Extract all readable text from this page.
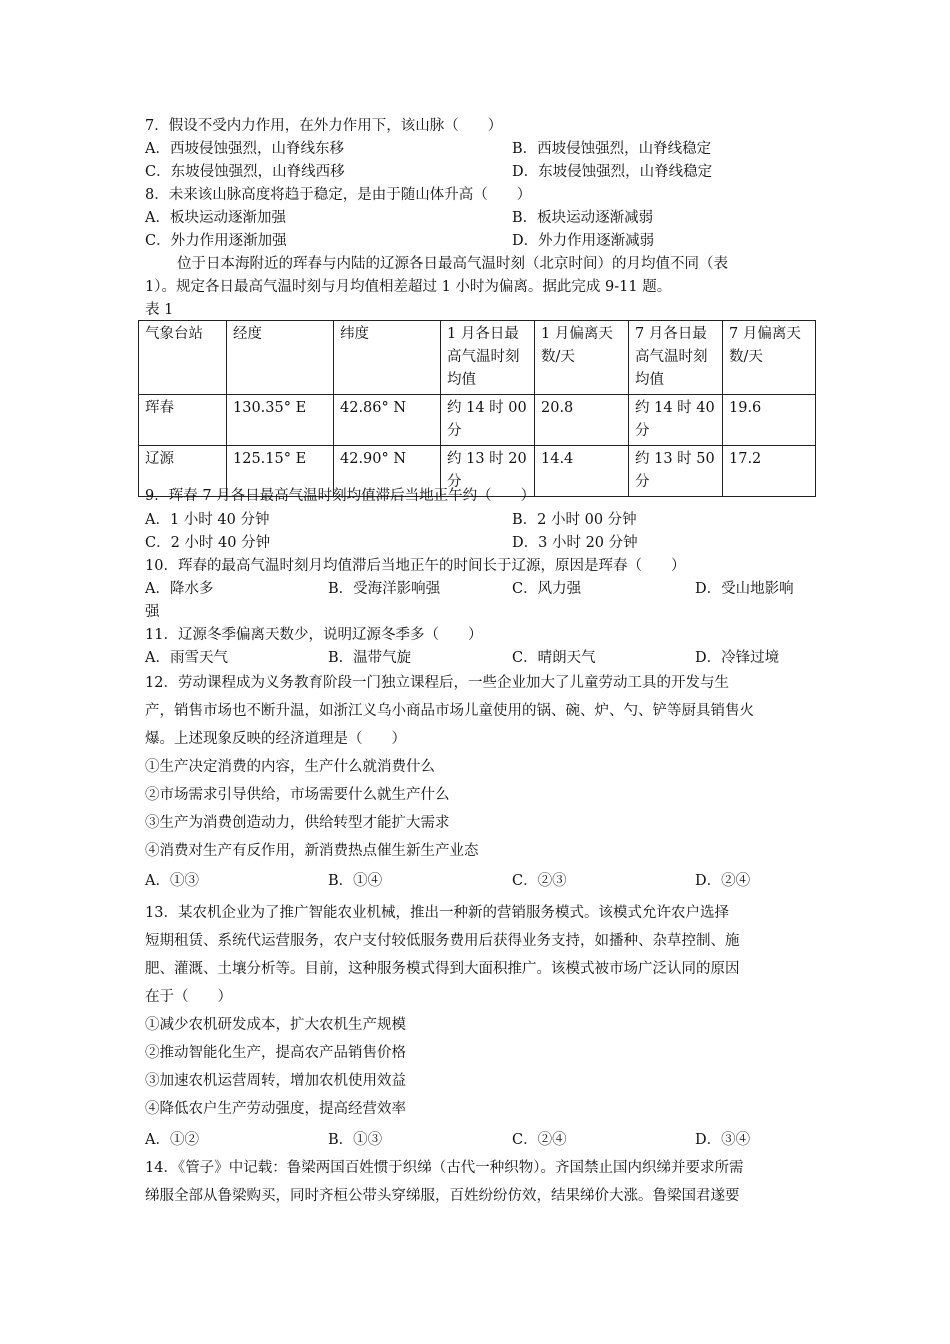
7．假设不受内力作用，在外力作用下，该山脉（　　）
A．西坡侵蚀强烈，山脊线东移	B．西坡侵蚀强烈，山脊线稳定
C．东坡侵蚀强烈，山脊线西移	D．东坡侵蚀强烈，山脊线稳定
8．未来该山脉高度将趋于稳定，是由于随山体升高（　　）
A．板块运动逐渐加强	B．板块运动逐渐减弱
C．外力作用逐渐加强	D．外力作用逐渐减弱
位于日本海附近的珲春与内陆的辽源各日最高气温时刻（北京时间）的月均值不同（表
1）。规定各日最高气温时刻与月均值相差超过 1 小时为偏离。据此完成 9-11 题。
表 1
气象台站	经度	纬度	1 月各日最高气温时刻均值	1 月偏离天数/天	7 月各日最高气温时刻均值	7 月偏离天数/天
珲春	130.35° E	42.86° N	约 14 时 00 分	20.8	约 14 时 40 分	19.6
辽源	125.15° E	42.90° N	约 13 时 20 分	14.4	约 13 时 50 分	17.2
9．珲春 7 月各日最高气温时刻均值滞后当地正午约（　　）
A．1 小时 40 分钟	B．2 小时 00 分钟
C．2 小时 40 分钟	D．3 小时 20 分钟
10．珲春的最高气温时刻月均值滞后当地正午的时间长于辽源，原因是珲春（　　）
A．降水多	B．受海洋影响强	C．风力强	D．受山地影响
强
11．辽源冬季偏离天数少，说明辽源冬季多（　　）
A．雨雪天气	B．温带气旋	C．晴朗天气	D．冷锋过境
12．劳动课程成为义务教育阶段一门独立课程后，一些企业加大了儿童劳动工具的开发与生
产，销售市场也不断升温，如浙江义乌小商品市场儿童使用的锅、碗、炉、勺、铲等厨具销售火
爆。上述现象反映的经济道理是（　　）
①生产决定消费的内容，生产什么就消费什么
②市场需求引导供给，市场需要什么就生产什么
③生产为消费创造动力，供给转型才能扩大需求
④消费对生产有反作用，新消费热点催生新生产业态
A．①③	B．①④	C．②③	D．②④
13．某农机企业为了推广智能农业机械，推出一种新的营销服务模式。该模式允许农户选择
短期租赁、系统代运营服务，农户支付较低服务费用后获得业务支持，如播种、杂草控制、施
肥、灌溉、土壤分析等。目前，这种服务模式得到大面积推广。该模式被市场广泛认同的原因
在于（　　）
①减少农机研发成本，扩大农机生产规模
②推动智能化生产，提高农产品销售价格
③加速农机运营周转，增加农机使用效益
④降低农户生产劳动强度，提高经营效率
A．①②	B．①③	C．②④	D．③④
14．《管子》中记载：鲁梁两国百姓惯于织绨（古代一种织物）。齐国禁止国内织绨并要求所需
绨服全部从鲁梁购买，同时齐桓公带头穿绨服，百姓纷纷仿效，结果绨价大涨。鲁梁国君遂要
